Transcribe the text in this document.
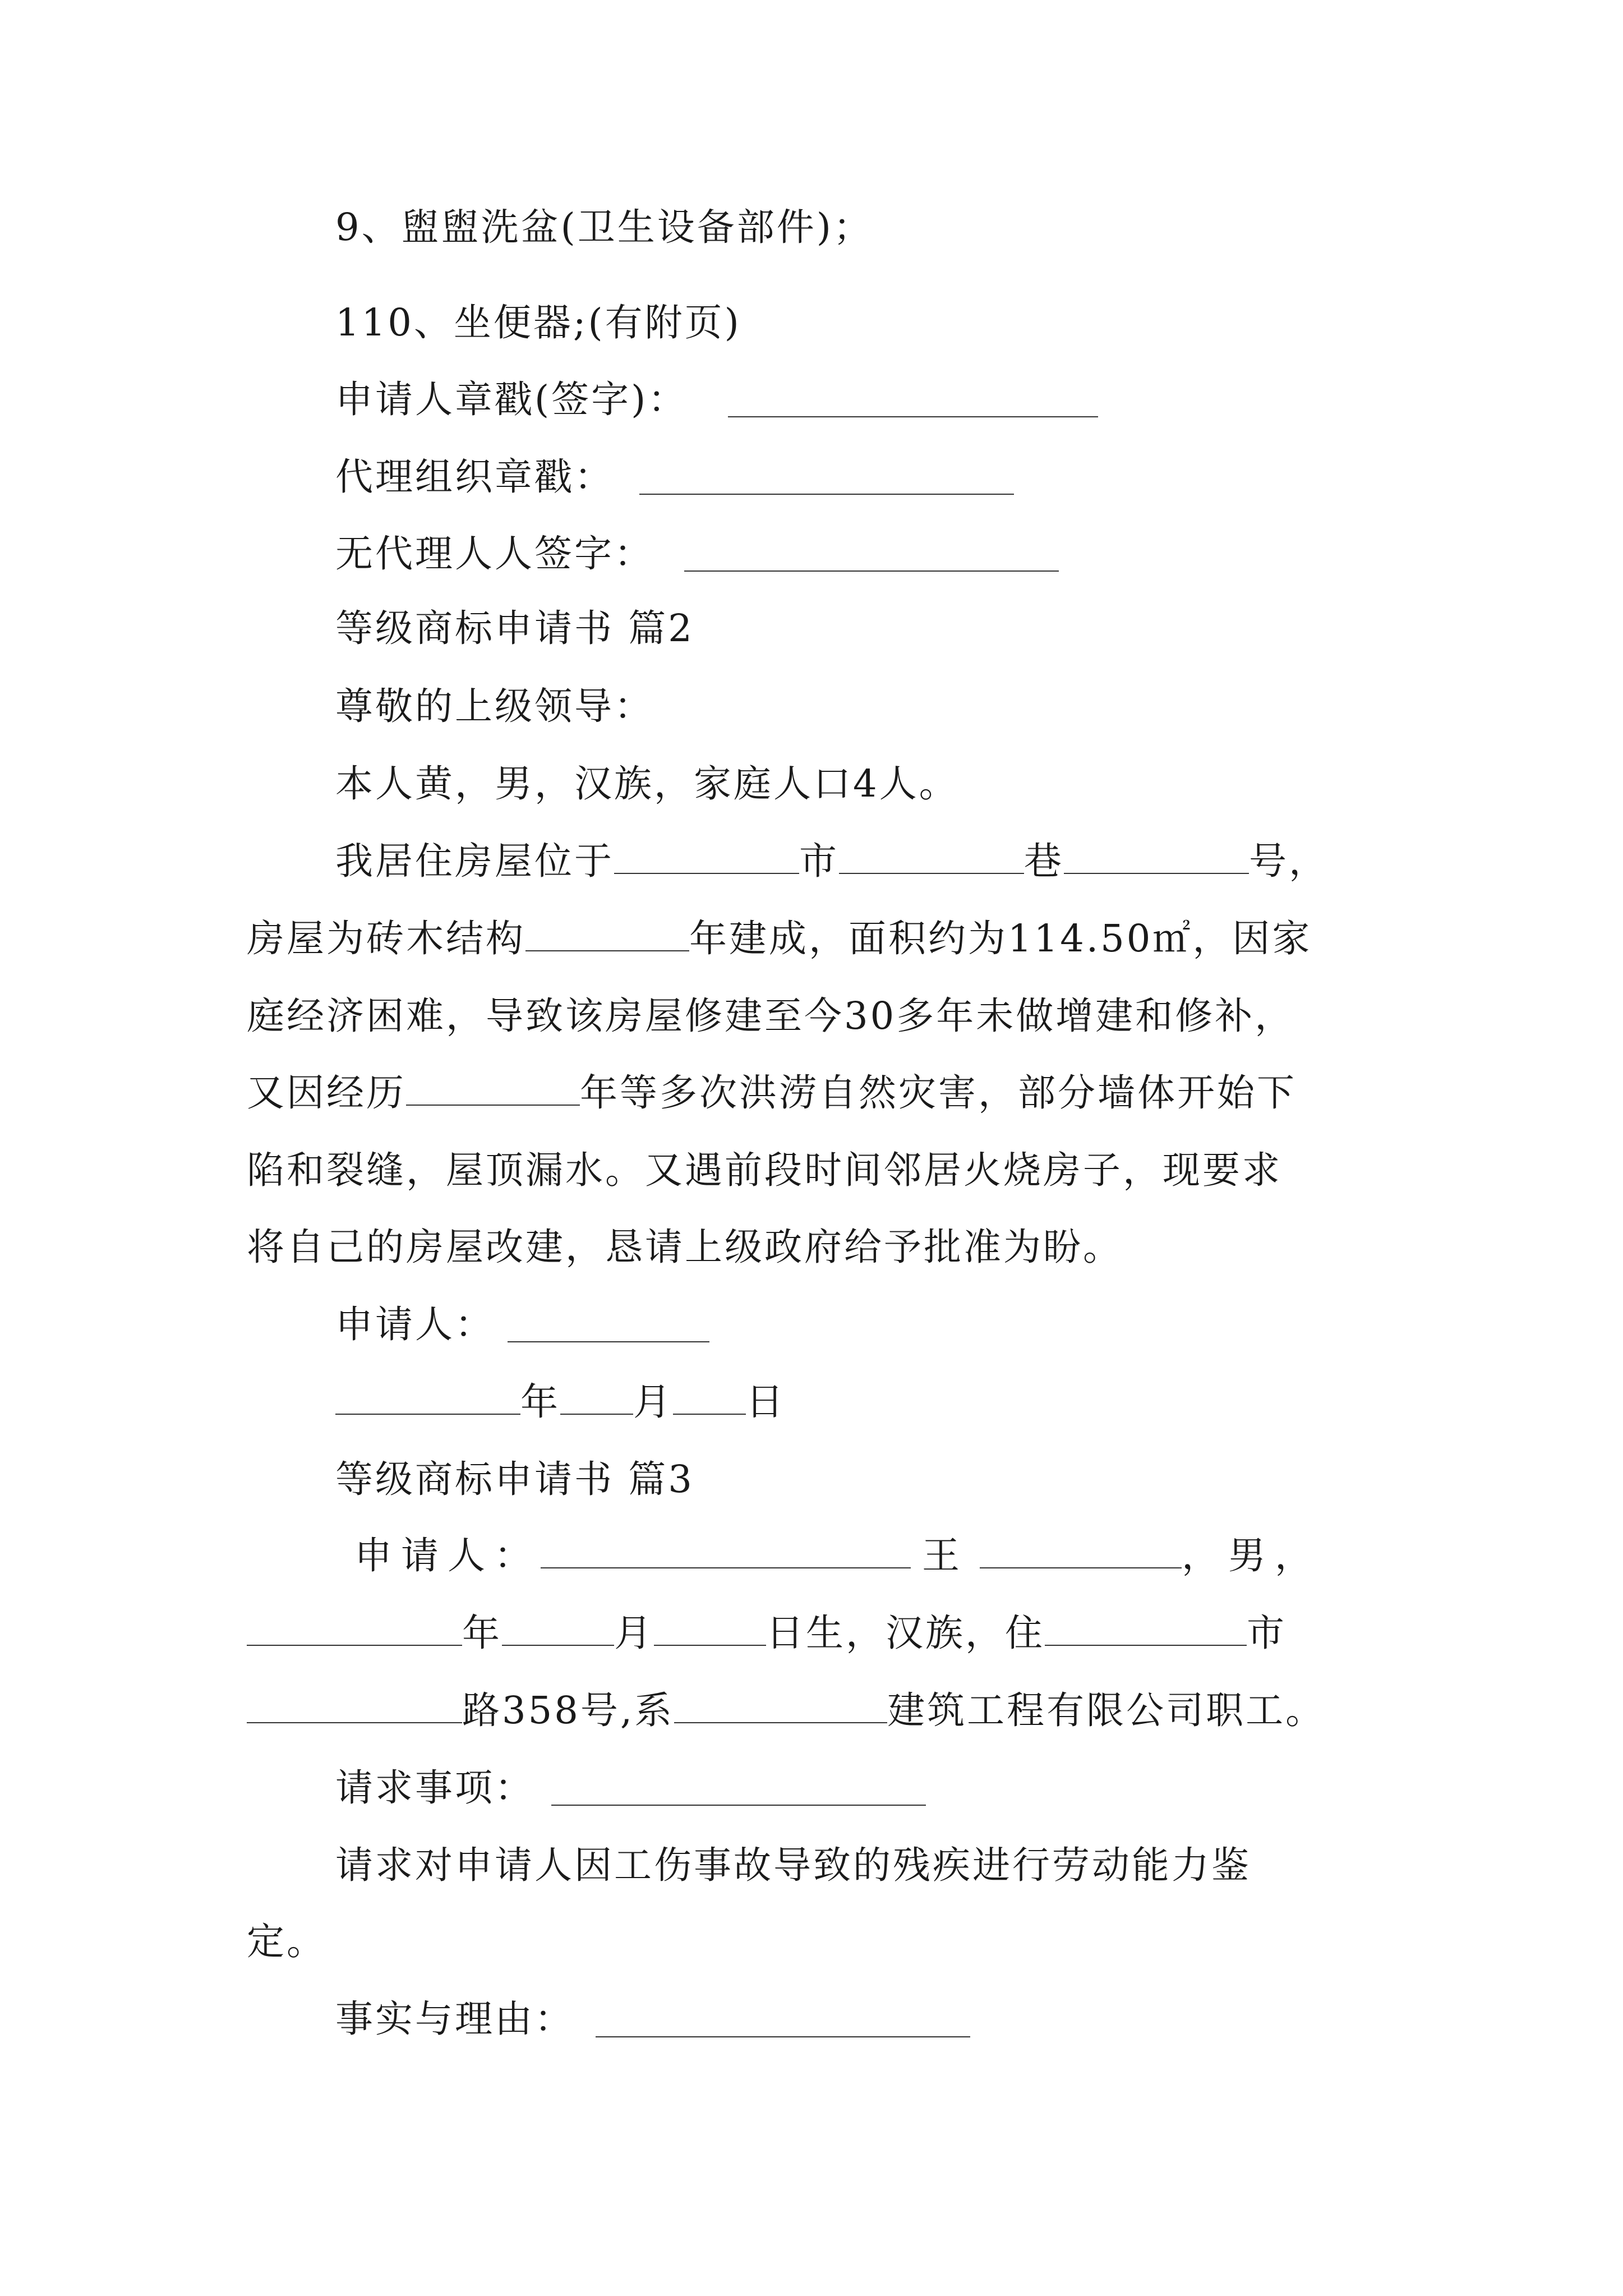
9、盥盥洗盆(卫生设备部件)；
110、坐便器;(有附页)
申请人章戳(签字)：
代理组织章戳：
无代理人人签字：
等级商标申请书 篇2
尊敬的上级领导：
本人黄，男，汉族，家庭人口4人。
我居住房屋位于	市	巷	号，
房屋为砖木结构	年建成，面积约为114.50㎡，因家
庭经济困难，导致该房屋修建至今30多年未做增建和修补，
又因经历	年等多次洪涝自然灾害，部分墙体开始下
陷和裂缝，屋顶漏水。又遇前段时间邻居火烧房子，现要求
将自己的房屋改建，恳请上级政府给予批准为盼。
申请人：
年 月 日
等级商标申请书 篇3
申请人：	王	，男，
年	月	日生，汉族，住	市
路358号,系	建筑工程有限公司职工。
请求事项：
请求对申请人因工伤事故导致的残疾进行劳动能力鉴
定。
事实与理由：
